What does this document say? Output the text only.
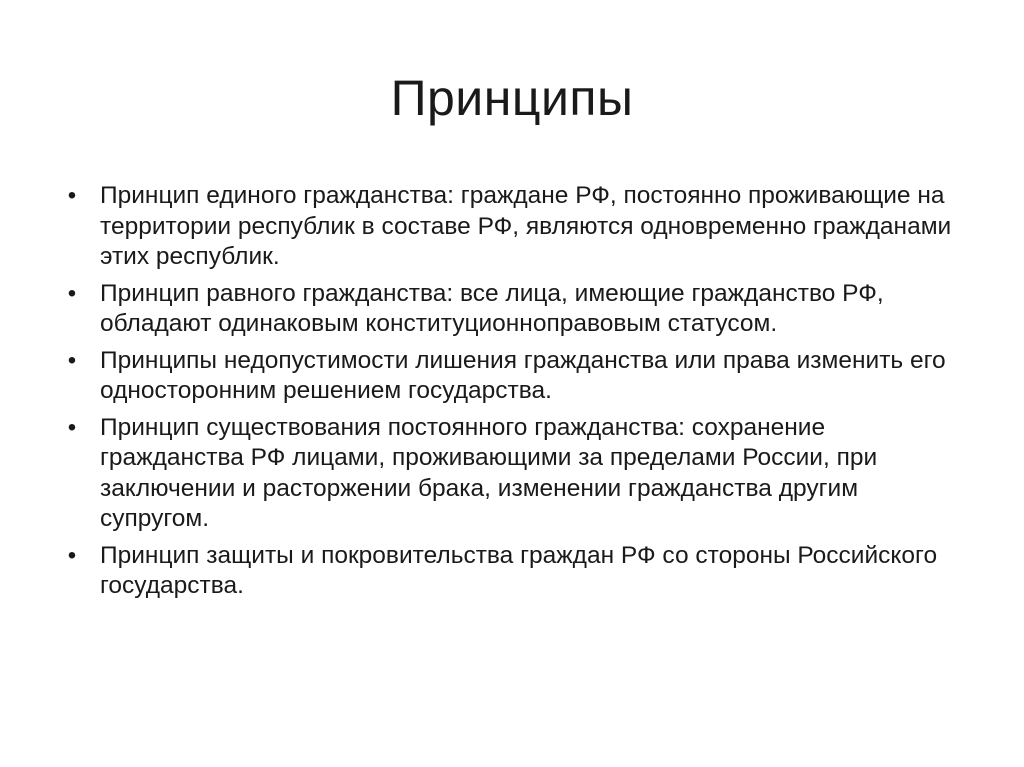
Принципы
• Принцип единого гражданства: граждане РФ, постоянно проживающие на территории республик в составе РФ, являются одновременно гражданами этих республик.
• Принцип равного гражданства: все лица, имеющие гражданство РФ, обладают одинаковым конституционноправовым статусом.
• Принципы недопустимости лишения гражданства или права изменить его односторонним решением государства.
• Принцип существования постоянного гражданства: сохранение гражданства РФ лицами, проживающими за пределами России, при заключении и расторжении брака, изменении гражданства другим супругом.
• Принцип защиты и покровительства граждан РФ со стороны Российского государства.
